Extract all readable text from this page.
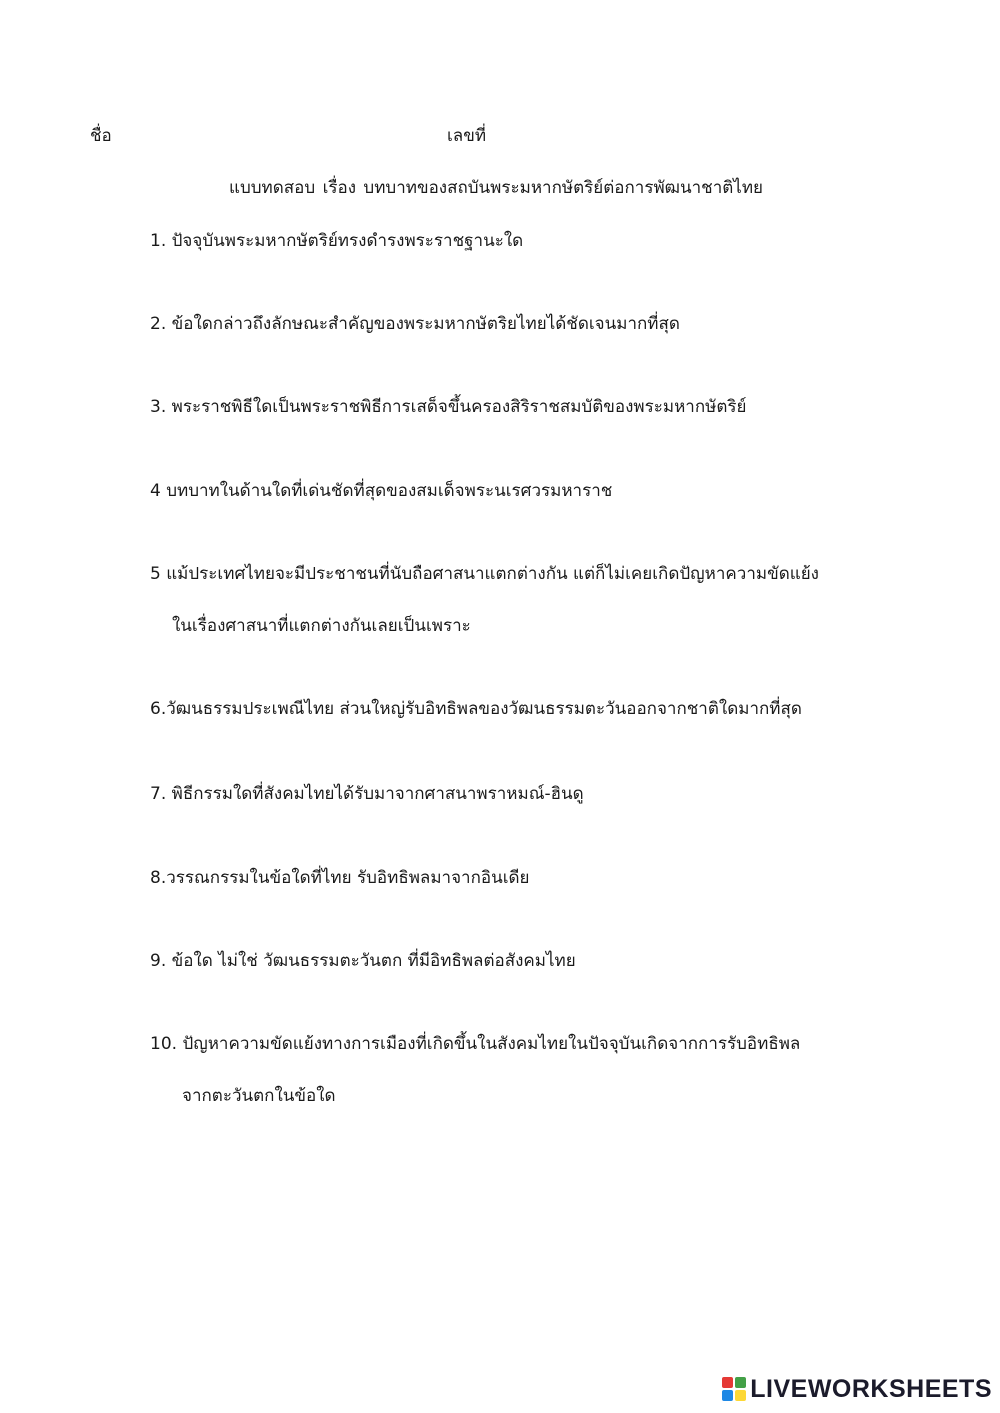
ชื่อ	เลขที่
แบบทดสอบ เรื่อง บทบาทของสถบันพระมหากษัตริย์ต่อการพัฒนาชาติไทย
1. ปัจจุบันพระมหากษัตริย์ทรงดำรงพระราชฐานะใด
2. ข้อใดกล่าวถึงลักษณะสำคัญของพระมหากษัตริยไทยได้ชัดเจนมากที่สุด
3. พระราชพิธีใดเป็นพระราชพิธีการเสด็จขึ้นครองสิริราชสมบัติของพระมหากษัตริย์
4 บทบาทในด้านใดที่เด่นชัดที่สุดของสมเด็จพระนเรศวรมหาราช
5 แม้ประเทศไทยจะมีประชาชนที่นับถือศาสนาแตกต่างกัน แต่ก็ไม่เคยเกิดปัญหาความขัดแย้ง
ในเรื่องศาสนาที่แตกต่างกันเลยเป็นเพราะ
6.วัฒนธรรมประเพณีไทย ส่วนใหญ่รับอิทธิพลของวัฒนธรรมตะวันออกจากชาติใดมากที่สุด
7. พิธีกรรมใดที่สังคมไทยได้รับมาจากศาสนาพราหมณ์-ฮินดู
8.วรรณกรรมในข้อใดที่ไทย รับอิทธิพลมาจากอินเดีย
9. ข้อใด ไม่ใช่ วัฒนธรรมตะวันตก ที่มีอิทธิพลต่อสังคมไทย
10. ปัญหาความขัดแย้งทางการเมืองที่เกิดขึ้นในสังคมไทยในปัจจุบันเกิดจากการรับอิทธิพล
จากตะวันตกในข้อใด
LIVEWORKSHEETS
